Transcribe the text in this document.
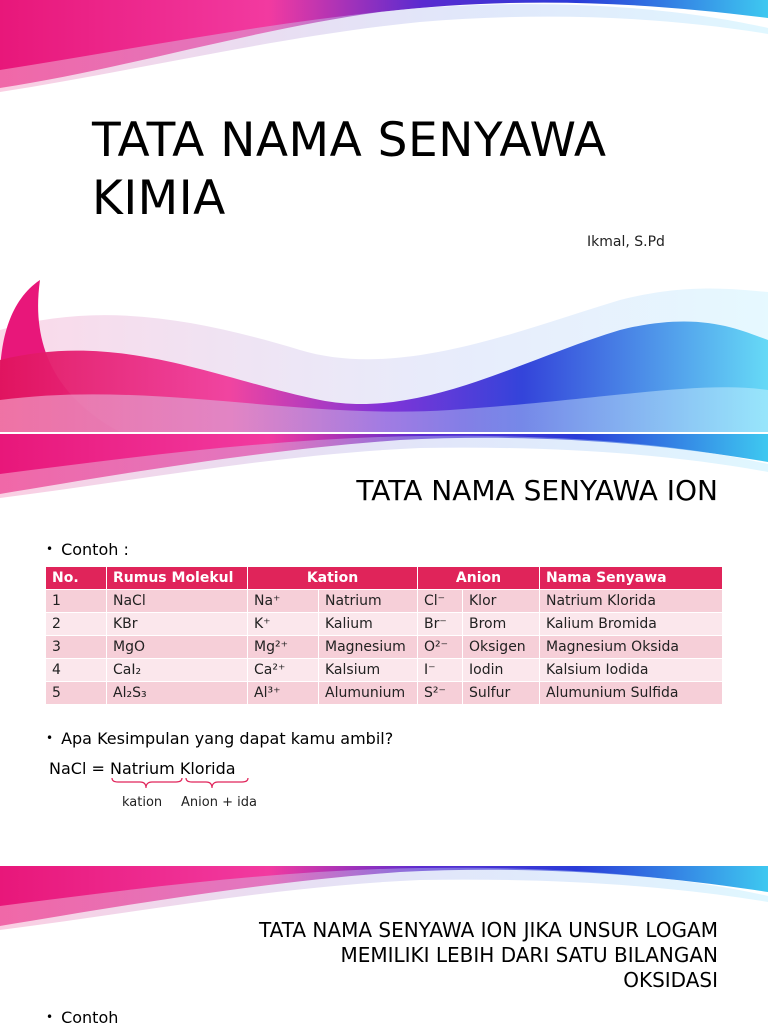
TATA NAMA SENYAWA
KIMIA
Ikmal, S.Pd
TATA NAMA SENYAWA ION
• Contoh :
No.	Rumus Molekul	Kation		Anion		Nama Senyawa
1	NaCl	Na⁺	Natrium	Cl⁻	Klor	Natrium Klorida
2	KBr	K⁺	Kalium	Br⁻	Brom	Kalium Bromida
3	MgO	Mg²⁺	Magnesium	O²⁻	Oksigen	Magnesium Oksida
4	CaI₂	Ca²⁺	Kalsium	I⁻	Iodin	Kalsium Iodida
5	Al₂S₃	Al³⁺	Alumunium	S²⁻	Sulfur	Alumunium Sulfida
• Apa Kesimpulan yang dapat kamu ambil?
NaCl = Natrium Klorida
kation Anion + ida
TATA NAMA SENYAWA ION JIKA UNSUR LOGAM
MEMILIKI LEBIH DARI SATU BILANGAN
OKSIDASI
• Contoh
